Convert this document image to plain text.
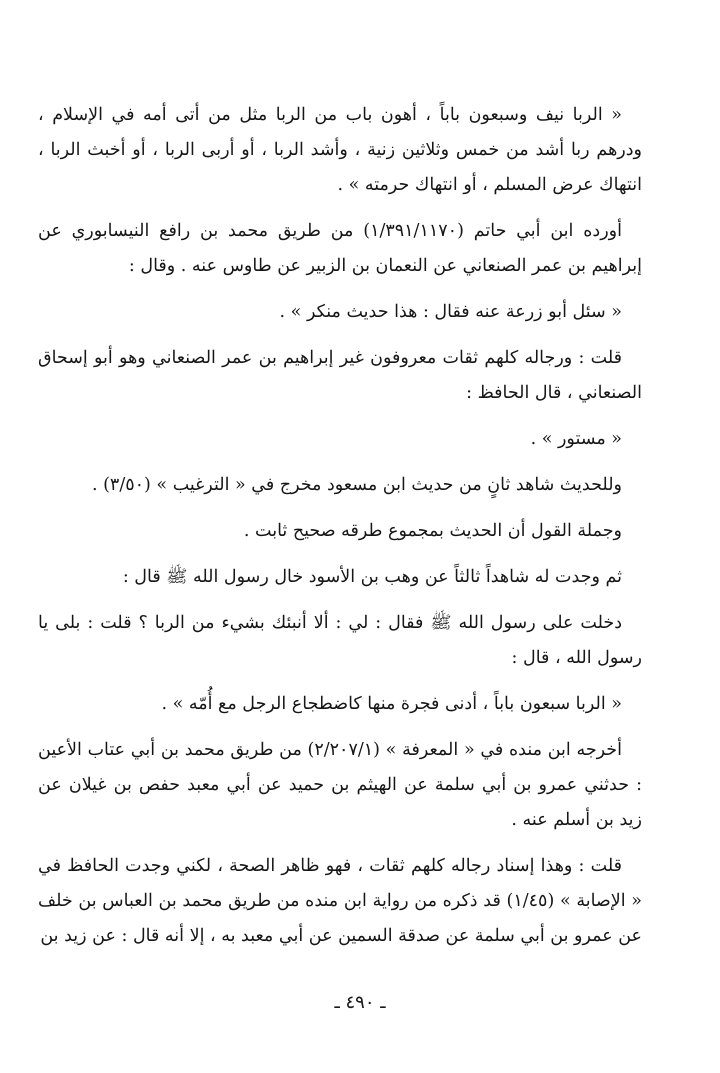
« الربا نيف وسبعون باباً ، أهون باب من الربا مثل من أتى أمه في الإسلام ، ودرهم ربا أشد من خمس وثلاثين زنية ، وأشد الربا ، أو أربى الربا ، أو أخبث الربا ، انتهاك عرض المسلم ، أو انتهاك حرمته » .

أورده ابن أبي حاتم (١/٣٩١/١١٧٠) من طريق محمد بن رافع النيسابوري عن إبراهيم بن عمر الصنعاني عن النعمان بن الزبير عن طاوس عنه . وقال :

« سئل أبو زرعة عنه فقال : هذا حديث منكر » .

قلت : ورجاله كلهم ثقات معروفون غير إبراهيم بن عمر الصنعاني وهو أبو إسحاق الصنعاني ، قال الحافظ :

« مستور » .

وللحديث شاهد ثانٍ من حديث ابن مسعود مخرج في « الترغيب » (٣/٥٠) .

وجملة القول أن الحديث بمجموع طرقه صحيح ثابت .

ثم وجدت له شاهداً ثالثاً عن وهب بن الأسود خال رسول الله ﷺ قال :

دخلت على رسول الله ﷺ فقال : لي : ألا أنبئك بشيء من الربا ؟ قلت : بلى يا رسول الله ، قال :

« الربا سبعون باباً ، أدنى فجرة منها كاضطجاع الرجل مع أُمّه » .

أخرجه ابن منده في « المعرفة » (٢/٢٠٧/١) من طريق محمد بن أبي عتاب الأعين : حدثني عمرو بن أبي سلمة عن الهيثم بن حميد عن أبي معبد حفص بن غيلان عن زيد بن أسلم عنه .

قلت : وهذا إسناد رجاله كلهم ثقات ، فهو ظاهر الصحة ، لكني وجدت الحافظ في « الإصابة » (١/٤٥) قد ذكره من رواية ابن منده من طريق محمد بن العباس بن خلف عن عمرو بن أبي سلمة عن صدقة السمين عن أبي معبد به ، إلا أنه قال : عن زيد بن

ـ ٤٩٠ ـ
